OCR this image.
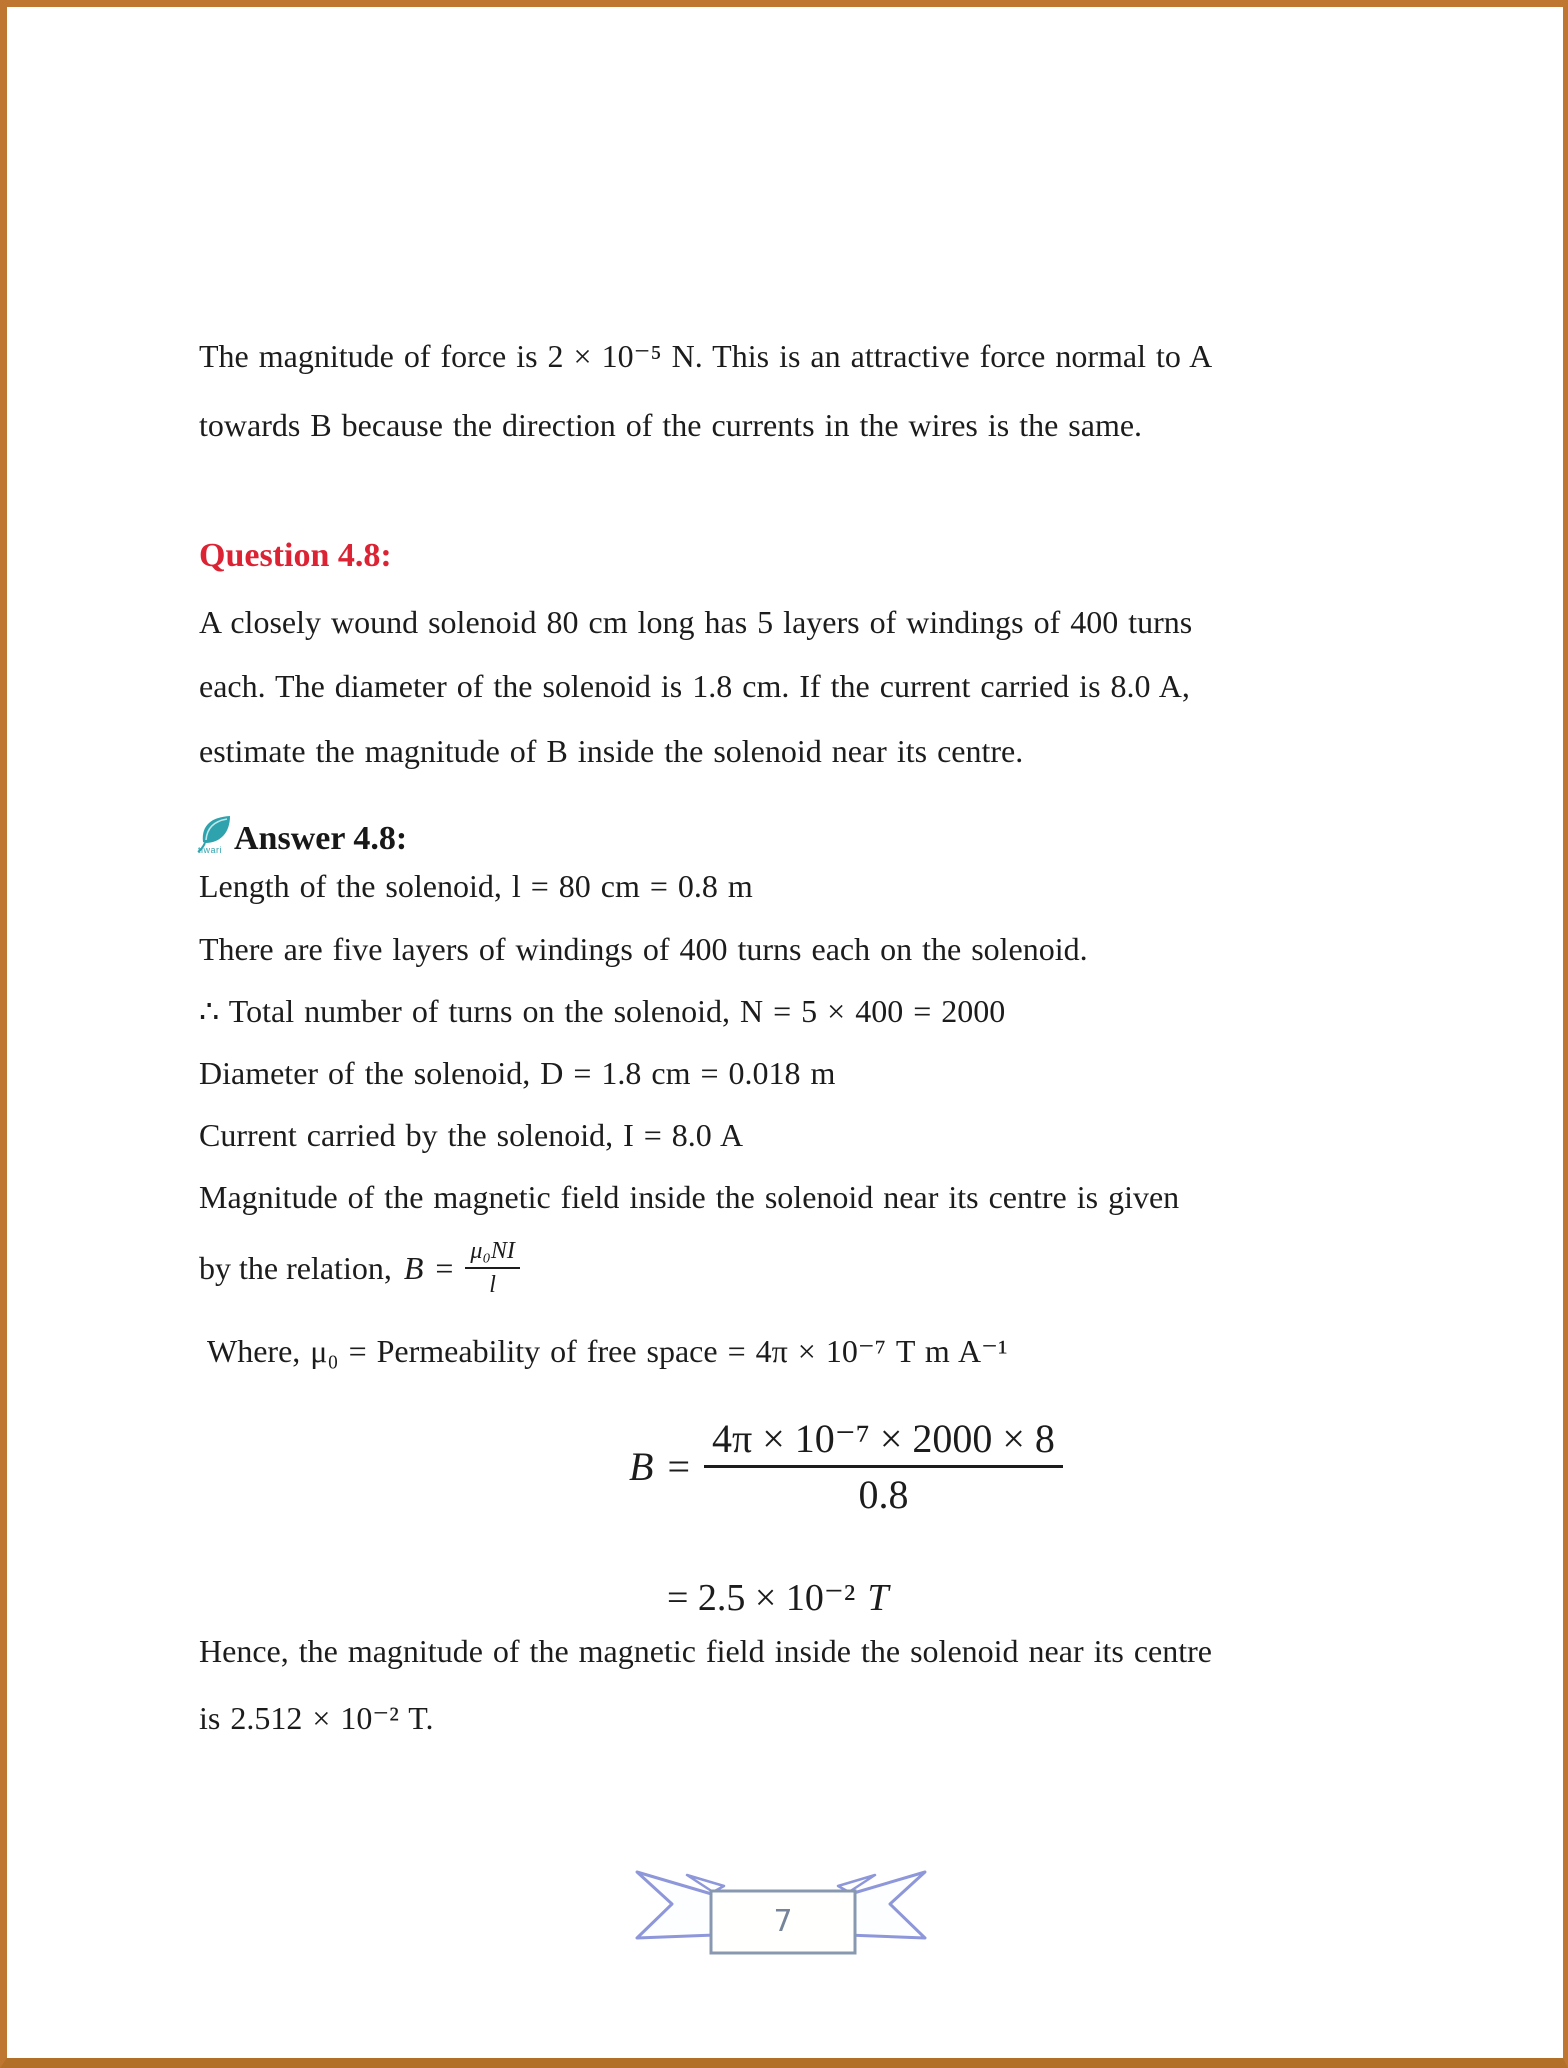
The magnitude of force is 2 × 10⁻⁵ N. This is an attractive force normal to A
towards B because the direction of the currents in the wires is the same.
Question 4.8:
A closely wound solenoid 80 cm long has 5 layers of windings of 400 turns
each. The diameter of the solenoid is 1.8 cm. If the current carried is 8.0 A,
estimate the magnitude of B inside the solenoid near its centre.
tiwari Answer 4.8:
Length of the solenoid, l = 80 cm = 0.8 m
There are five layers of windings of 400 turns each on the solenoid.
∴ Total number of turns on the solenoid, N = 5 × 400 = 2000
Diameter of the solenoid, D = 1.8 cm = 0.018 m
Current carried by the solenoid, I = 8.0 A
Magnitude of the magnetic field inside the solenoid near its centre is given
by the relation, $B = \frac{\text{μ₀NI}}{l}$
Where, μ₀ = Permeability of free space = 4π × 10⁻⁷ T m A⁻¹
$B = \frac{\text{4π × 10⁻⁷ × 2000 × 8}}{0.8}$
= 2.5 × 10⁻² T
Hence, the magnitude of the magnetic field inside the solenoid near its centre
is 2.512 × 10⁻² T.
7
